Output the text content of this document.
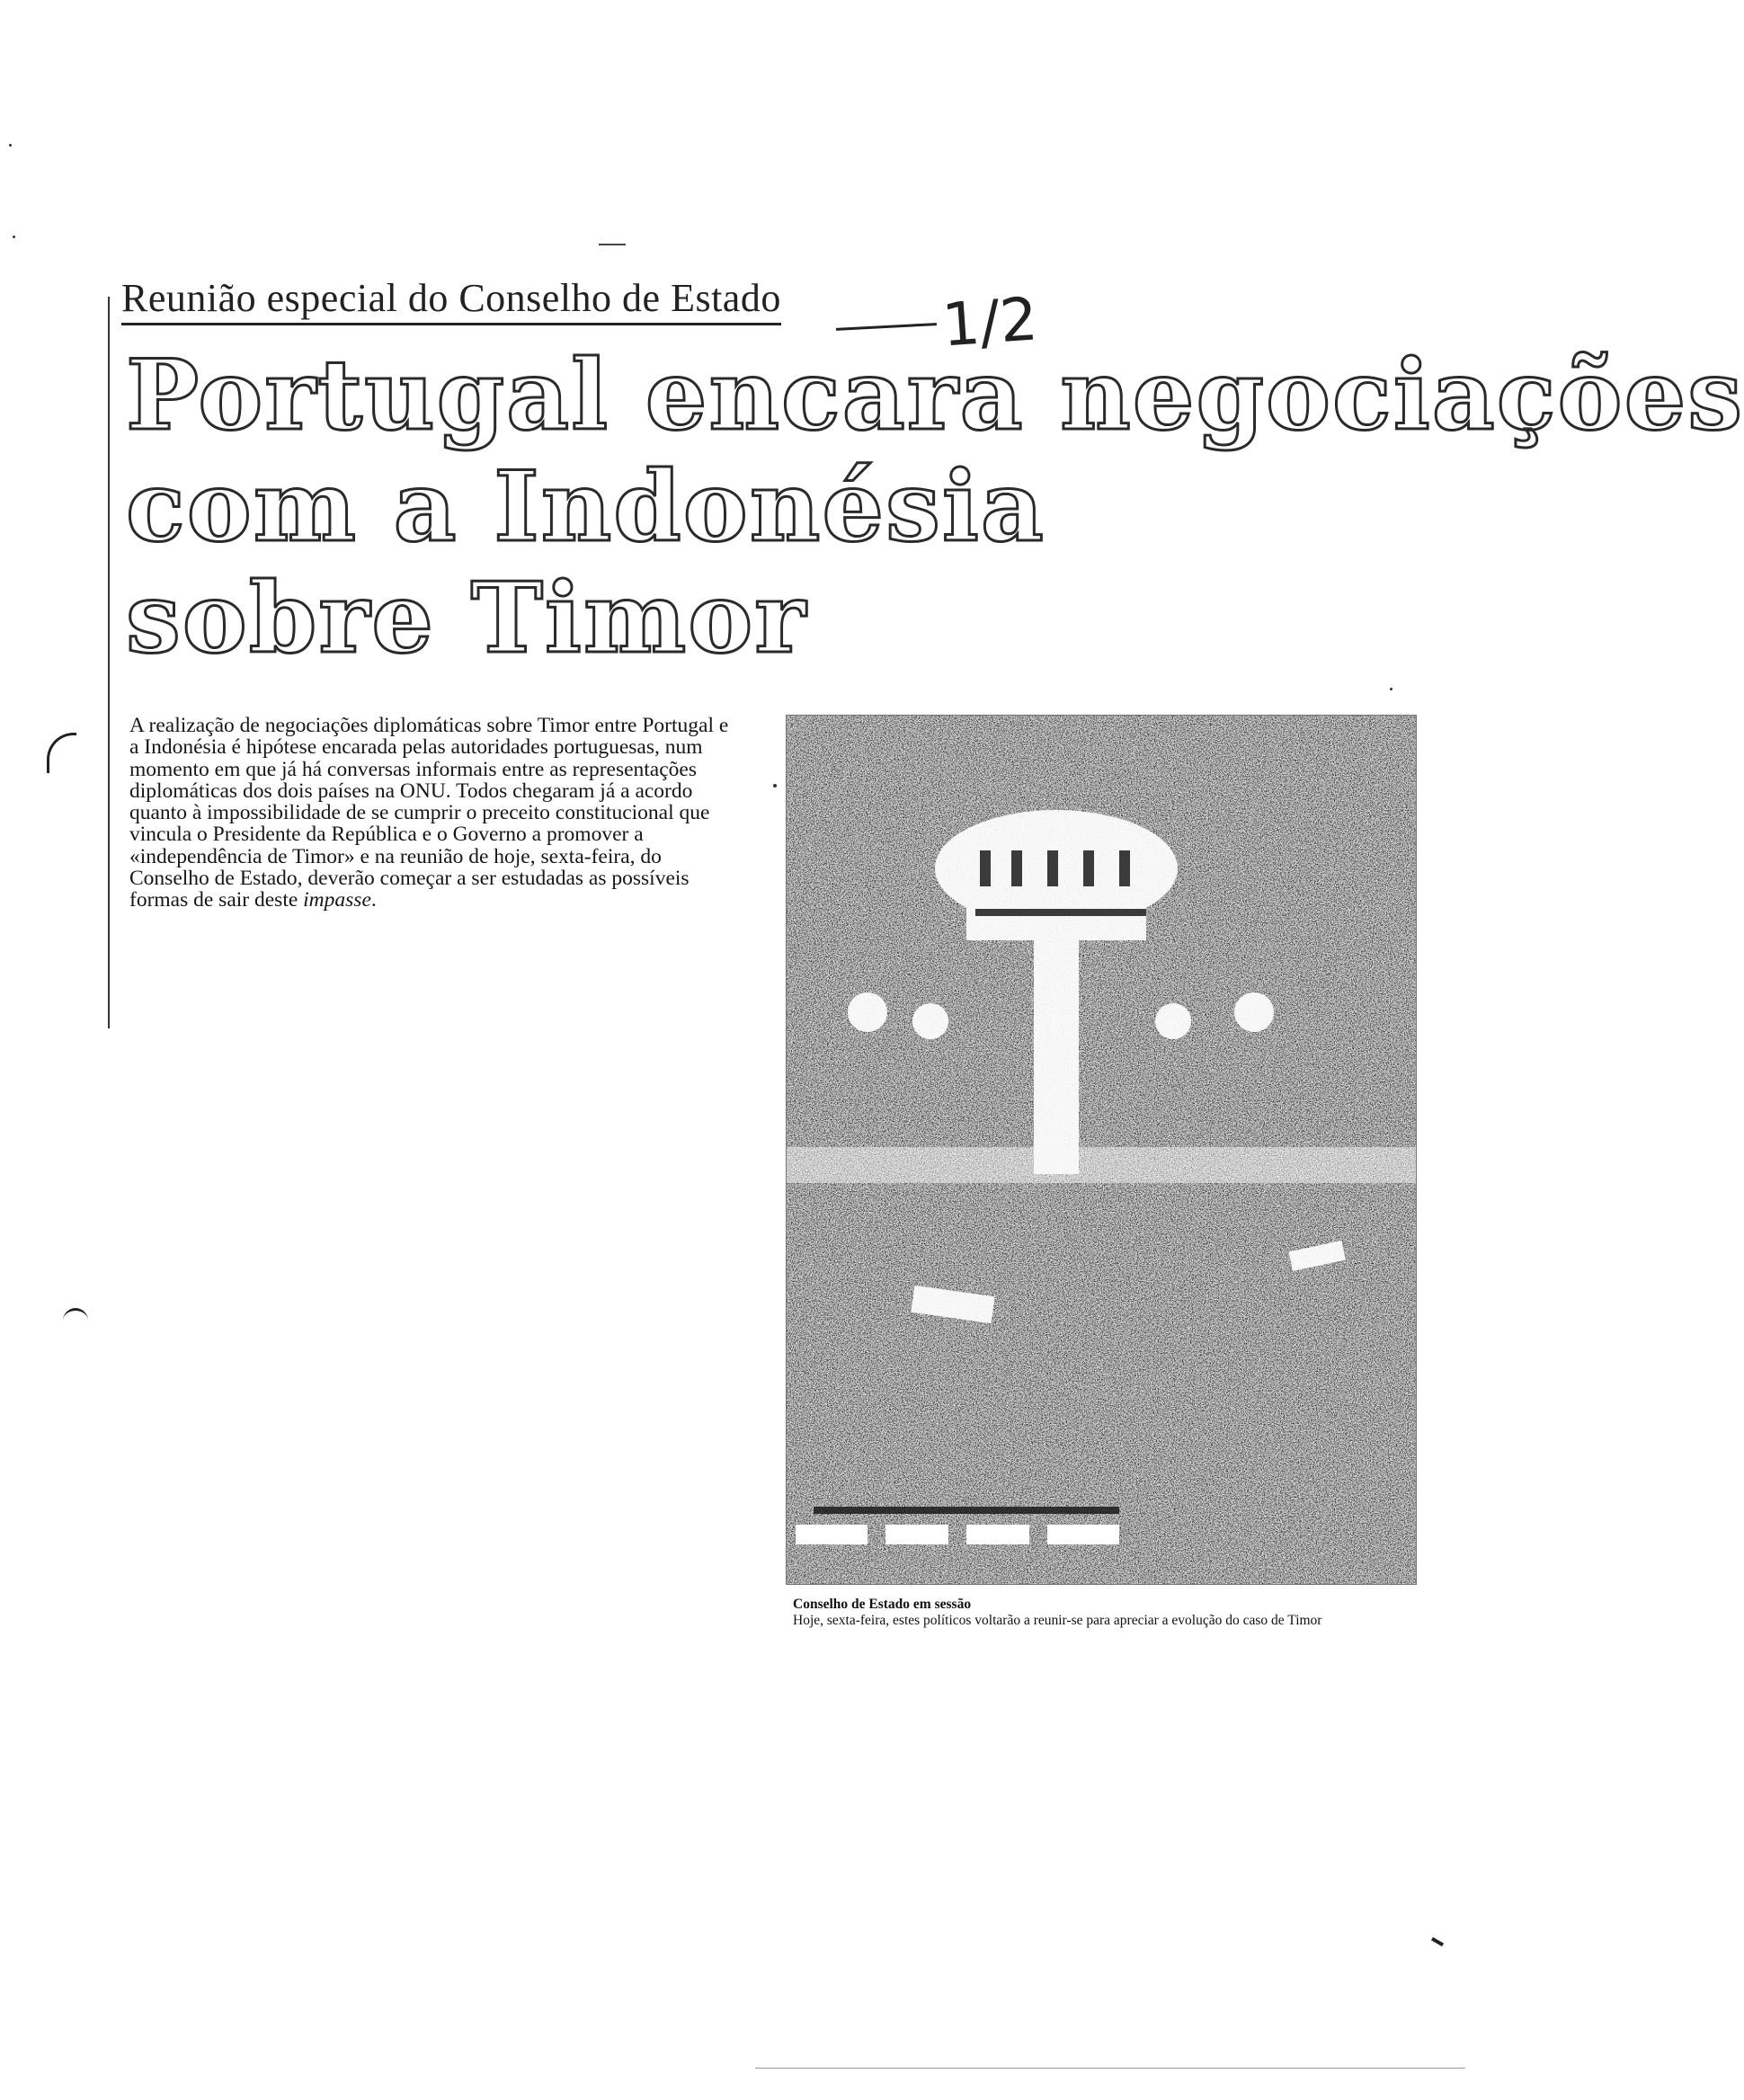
Reunião especial do Conselho de Estado	1/2
Portugal encara negociações
com a Indonésia
sobre Timor

A realização de negociações diplomáticas sobre Timor entre Portugal e a Indonésia é hipótese encarada pelas autoridades portuguesas, num momento em que já há conversas informais entre as representações diplomáticas dos dois países na ONU. Todos chegaram já a acordo quanto à impossibilidade de se cumprir o preceito constitucional que vincula o Presidente da República e o Governo a promover a «independência de Timor» e na reunião de hoje, sexta-feira, do Conselho de Estado, deverão começar a ser estudadas as possíveis formas de sair deste impasse.

Conselho de Estado em sessão
Hoje, sexta-feira, estes políticos voltarão a reunir-se para apreciar a evolução do caso de Timor
